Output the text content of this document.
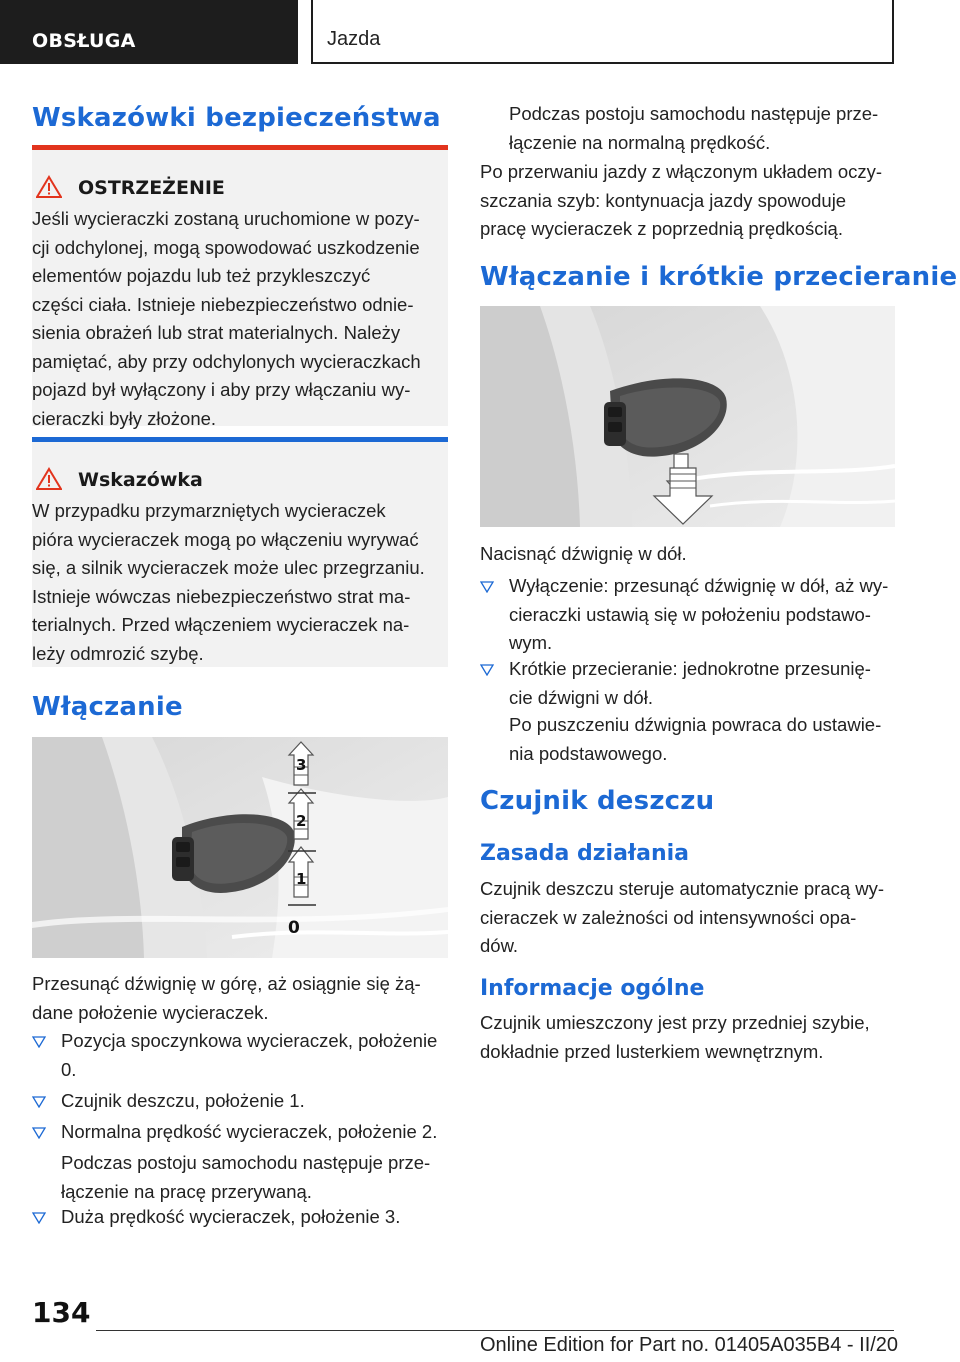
OBSŁUGA	Jazda
Wskazówki bezpieczeństwa
OSTRZEŻENIE
Jeśli wycieraczki zostaną uruchomione w pozy‐
cji odchylonej, mogą spowodować uszkodzenie
elementów pojazdu lub też przykleszczyć
części ciała. Istnieje niebezpieczeństwo odnie‐
sienia obrażeń lub strat materialnych. Należy
pamiętać, aby przy odchylonych wycieraczkach
pojazd był wyłączony i aby przy włączaniu wy‐
cieraczki były złożone.
Wskazówka
W przypadku przymarzniętych wycieraczek
pióra wycieraczek mogą po włączeniu wyrywać
się, a silnik wycieraczek może ulec przegrzaniu.
Istnieje wówczas niebezpieczeństwo strat ma‐
terialnych. Przed włączeniem wycieraczek na‐
leży odmrozić szybę.
Włączanie
3
2
1
0
Przesunąć dźwignię w górę, aż osiągnie się żą‐
dane położenie wycieraczek.
Pozycja spoczynkowa wycieraczek, położenie
0.
Czujnik deszczu, położenie 1.
Normalna prędkość wycieraczek, położenie 2.
Podczas postoju samochodu następuje prze‐
łączenie na pracę przerywaną.
Duża prędkość wycieraczek, położenie 3.
Podczas postoju samochodu następuje prze‐
łączenie na normalną prędkość.
Po przerwaniu jazdy z włączonym układem oczy‐
szczania szyb: kontynuacja jazdy spowoduje
pracę wycieraczek z poprzednią prędkością.
Włączanie i krótkie przecieranie
Nacisnąć dźwignię w dół.
Wyłączenie: przesunąć dźwignię w dół, aż wy‐
cieraczki ustawią się w położeniu podstawo‐
wym.
Krótkie przecieranie: jednokrotne przesunię‐
cie dźwigni w dół.
Po puszczeniu dźwignia powraca do ustawie‐
nia podstawowego.
Czujnik deszczu
Zasada działania
Czujnik deszczu steruje automatycznie pracą wy‐
cieraczek w zależności od intensywności opa‐
dów.
Informacje ogólne
Czujnik umieszczony jest przy przedniej szybie,
dokładnie przed lusterkiem wewnętrznym.
134
Online Edition for Part no. 01405A035B4 - II/20
